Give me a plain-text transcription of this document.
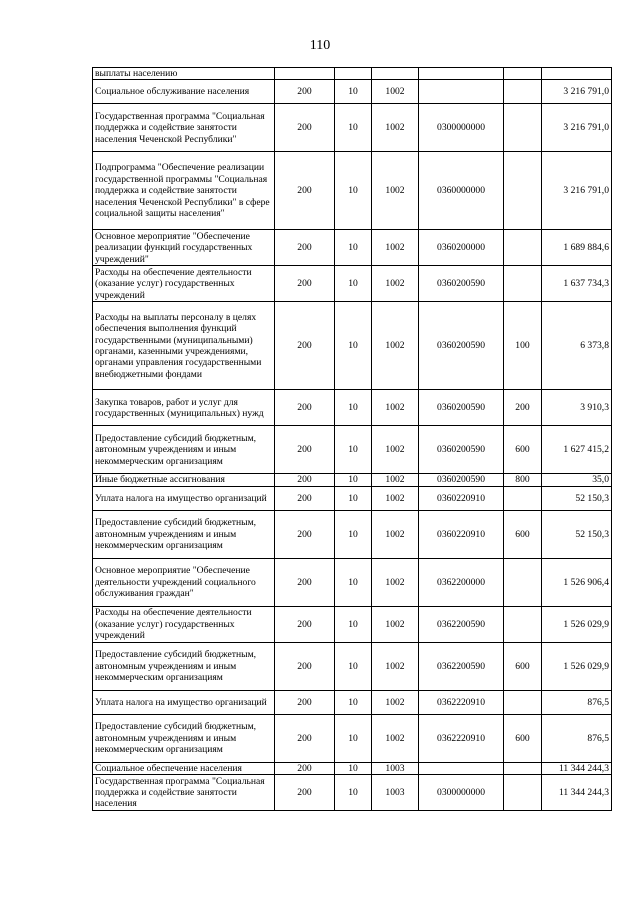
110
выплаты населению						
Социальное обслуживание населения	200	10	1002			3 216 791,0
Государственная программа "Социальная поддержка и содействие занятости населения Чеченской Республики"	200	10	1002	0300000000		3 216 791,0
Подпрограмма "Обеспечение реализации государственной программы "Социальная поддержка и содействие занятости населения Чеченской Республики" в сфере социальной защиты населения"	200	10	1002	0360000000		3 216 791,0
Основное мероприятие "Обеспечение реализации функций государственных учреждений"	200	10	1002	0360200000		1 689 884,6
Расходы на обеспечение деятельности (оказание услуг) государственных учреждений	200	10	1002	0360200590		1 637 734,3
Расходы на выплаты персоналу в целях обеспечения выполнения функций государственными (муниципальными) органами, казенными учреждениями, органами управления государственными внебюджетными фондами	200	10	1002	0360200590	100	6 373,8
Закупка товаров, работ и услуг для государственных (муниципальных) нужд	200	10	1002	0360200590	200	3 910,3
Предоставление субсидий бюджетным, автономным учреждениям и иным некоммерческим организациям	200	10	1002	0360200590	600	1 627 415,2
Иные бюджетные ассигнования	200	10	1002	0360200590	800	35,0
Уплата налога на имущество организаций	200	10	1002	0360220910		52 150,3
Предоставление субсидий бюджетным, автономным учреждениям и иным некоммерческим организациям	200	10	1002	0360220910	600	52 150,3
Основное мероприятие "Обеспечение деятельности учреждений социального обслуживания граждан"	200	10	1002	0362200000		1 526 906,4
Расходы на обеспечение деятельности (оказание услуг) государственных учреждений	200	10	1002	0362200590		1 526 029,9
Предоставление субсидий бюджетным, автономным учреждениям и иным некоммерческим организациям	200	10	1002	0362200590	600	1 526 029,9
Уплата налога на имущество организаций	200	10	1002	0362220910		876,5
Предоставление субсидий бюджетным, автономным учреждениям и иным некоммерческим организациям	200	10	1002	0362220910	600	876,5
Социальное обеспечение населения	200	10	1003			11 344 244,3
Государственная программа "Социальная поддержка и содействие занятости населения	200	10	1003	0300000000		11 344 244,3
